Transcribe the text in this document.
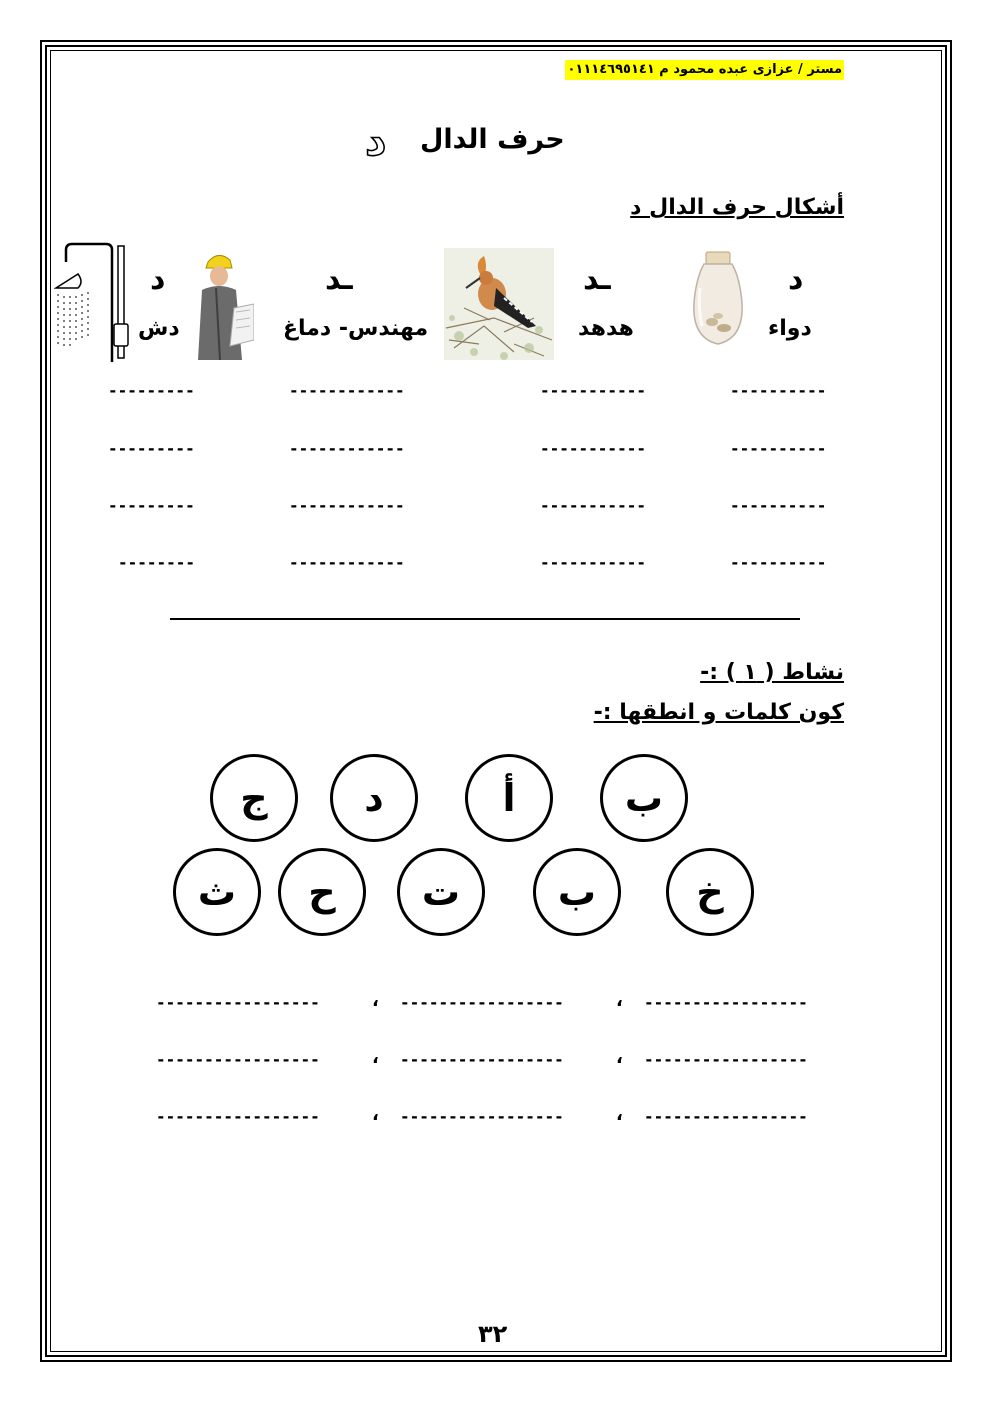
مستر / عزازى عبده محمود م ٠١١١٤٦٩٥١٤١
حرف الدال
د
أشكال حرف الدال د
د
ـد
ـد
د
دواء
هدهد
مهندس- دماغ
دش
----------
----------
----------
----------
-----------
-----------
-----------
-----------
------------
------------
------------
------------
---------
---------
---------
--------
نشاط ( ١ ) :-
كون كلمات و انطقها :-
ب
أ
د
ج
خ
ب
ت
ح
ث
-----------------
،
-----------------
،
-----------------
-----------------
،
-----------------
،
-----------------
-----------------
،
-----------------
،
-----------------
٣٢
